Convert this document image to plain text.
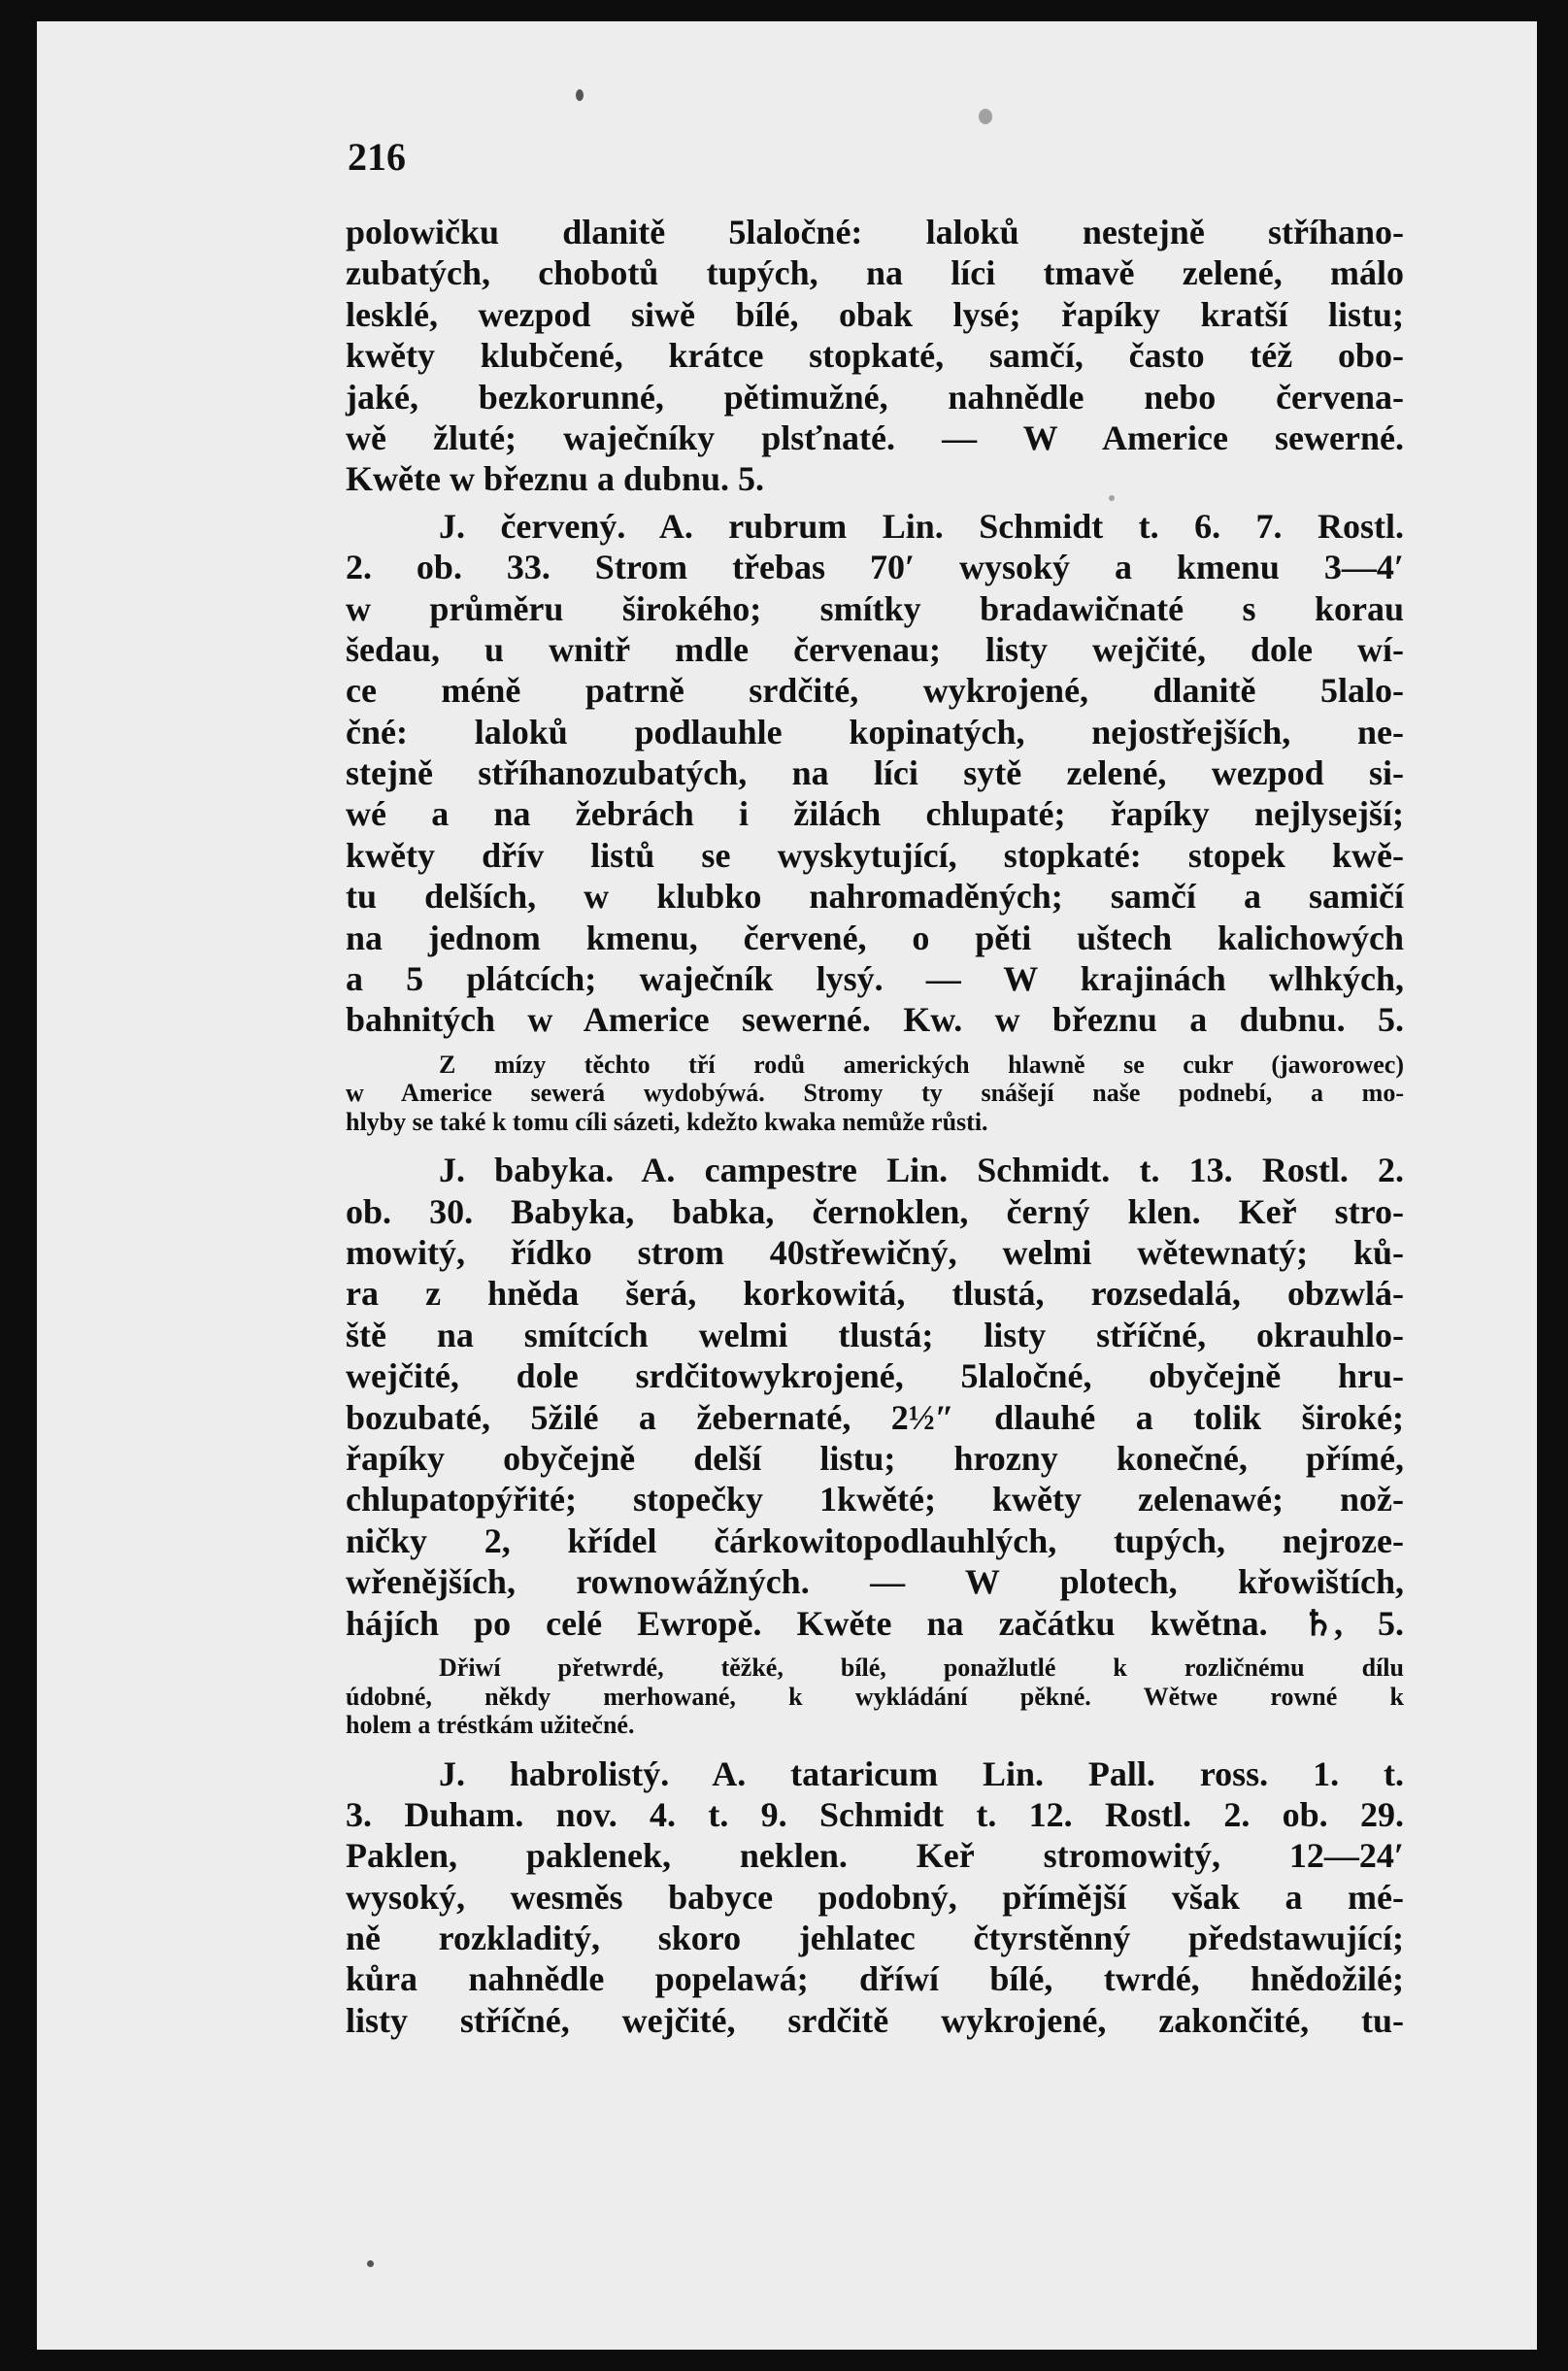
216
polowičku dlanitě 5laločné: laloků nestejně stříhano-
zubatých, chobotů tupých, na líci tmavě zelené, málo
lesklé, wezpod siwě bílé, obak lysé; řapíky kratší listu;
kwěty klubčené, krátce stopkaté, samčí, často též obo-
jaké, bezkorunné, pětimužné, nahnědle nebo červena-
wě žluté; waječníky plsťnaté. — W Americe sewerné.
Kwěte w březnu a dubnu. 5.
J. červený. A. rubrum Lin. Schmidt t. 6. 7. Rostl.
2. ob. 33. Strom třebas 70′ wysoký a kmenu 3—4′
w průměru širokého; smítky bradawičnaté s korau
šedau, u wnitř mdle červenau; listy wejčité, dole wí-
ce méně patrně srdčité, wykrojené, dlanitě 5lalo-
čné: laloků podlauhle kopinatých, nejostřejších, ne-
stejně stříhanozubatých, na líci sytě zelené, wezpod si-
wé a na žebrách i žilách chlupaté; řapíky nejlysejší;
kwěty dřív listů se wyskytující, stopkaté: stopek kwě-
tu delších, w klubko nahromaděných; samčí a samičí
na jednom kmenu, červené, o pěti uštech kalichowých
a 5 plátcích; waječník lysý. — W krajinách wlhkých,
bahnitých w Americe sewerné. Kw. w březnu a dubnu. 5.
Z mízy těchto tří rodů amerických hlawně se cukr (jaworowec)
w Americe sewerá wydobýwá. Stromy ty snášejí naše podnebí, a mo-
hlyby se také k tomu cíli sázeti, kdežto kwaka nemůže růsti.
J. babyka. A. campestre Lin. Schmidt. t. 13. Rostl. 2.
ob. 30. Babyka, babka, černoklen, černý klen. Keř stro-
mowitý, řídko strom 40střewičný, welmi wětewnatý; ků-
ra z hněda šerá, korkowitá, tlustá, rozsedalá, obzwlá-
ště na smítcích welmi tlustá; listy stříčné, okrauhlo-
wejčité, dole srdčitowykrojené, 5laločné, obyčejně hru-
bozubaté, 5žilé a žebernaté, 2½″ dlauhé a tolik široké;
řapíky obyčejně delší listu; hrozny konečné, přímé,
chlupatopýřité; stopečky 1kwěté; kwěty zelenawé; nož-
ničky 2, křídel čárkowitopodlauhlých, tupých, nejroze-
wřenějších, rownowážných. — W plotech, křowištích,
hájích po celé Ewropě. Kwěte na začátku kwětna. ♄, 5.
Dřiwí přetwrdé, těžké, bílé, ponažlutlé k rozličnému dílu
údobné, někdy merhowané, k wykládání pěkné. Wětwe rowné k
holem a tréstkám užitečné.
J. habrolistý. A. tataricum Lin. Pall. ross. 1. t.
3. Duham. nov. 4. t. 9. Schmidt t. 12. Rostl. 2. ob. 29.
Paklen, paklenek, neklen. Keř stromowitý, 12—24′
wysoký, wesměs babyce podobný, přímější však a mé-
ně rozkladitý, skoro jehlatec čtyrstěnný předstawující;
kůra nahnědle popelawá; dříwí bílé, twrdé, hnědožilé;
listy stříčné, wejčité, srdčitě wykrojené, zakončité, tu-
